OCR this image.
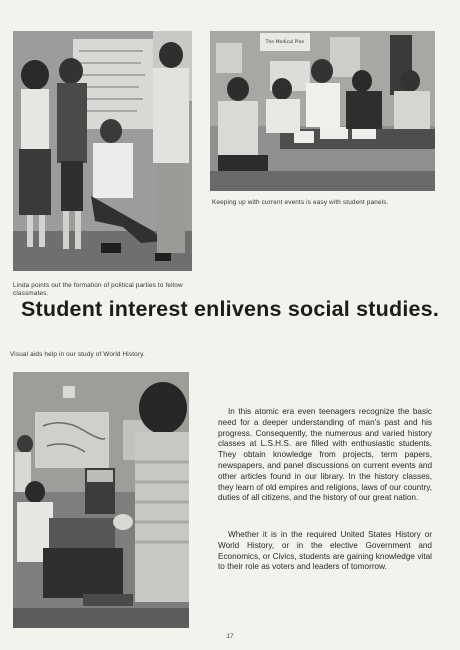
Linda points out the formation of political parties to fellow classmates.

The Medical Plan

Keeping up with current events is easy with student panels.

Student interest enlivens social studies.

Visual aids help in our study of World History.

In this atomic era even teenagers recognize the basic need for a deeper understanding of man's past and his progress. Consequently, the numerous and varied history classes at L.S.H.S. are filled with enthusiastic students. They obtain knowledge from projects, term papers, newspapers, and panel discussions on current events and other articles found in our library. In the history classes, they learn of old empires and religions, laws of our country, duties of all citizens, and the history of our great nation.

Whether it is in the required United States History or World History, or in the elective Government and Economics, or Civics, students are gaining knowledge vital to their role as voters and leaders of tomorrow.

17
